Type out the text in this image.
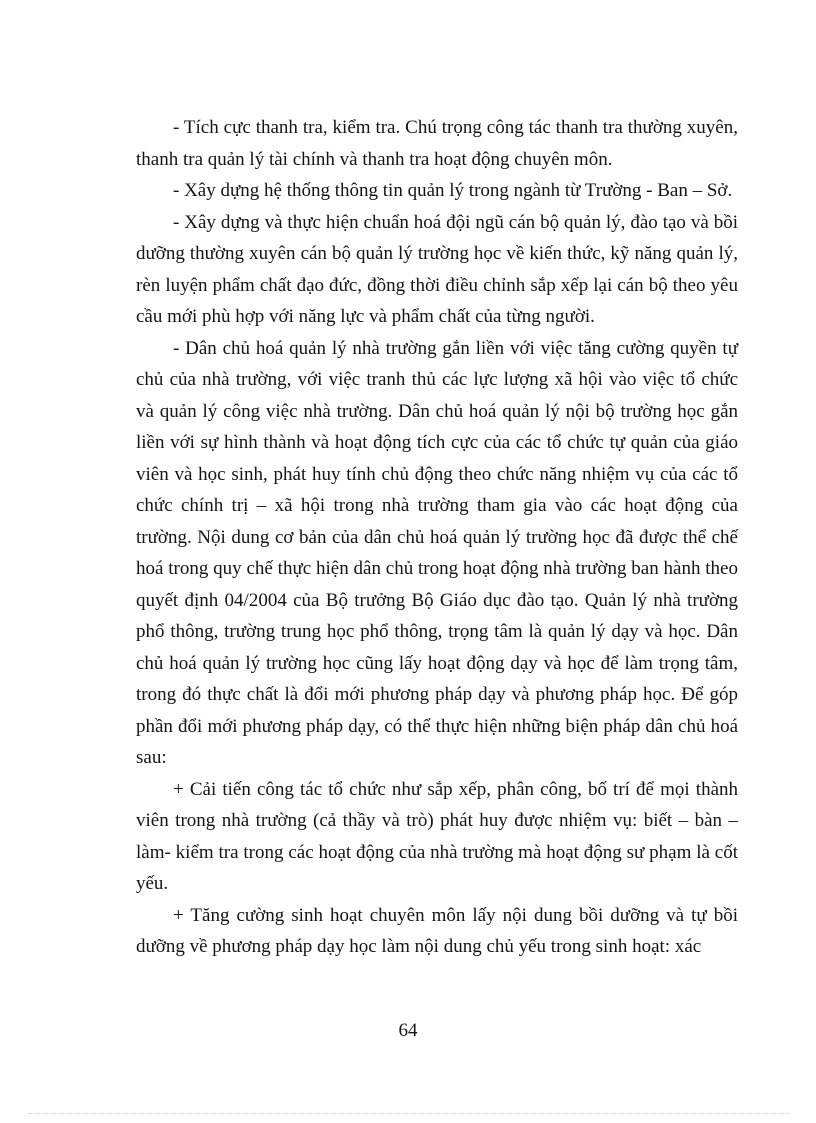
- Tích cực thanh tra, kiểm tra. Chú trọng công tác thanh tra thường xuyên, thanh tra quản lý tài chính và thanh tra hoạt động chuyên môn.

- Xây dựng hệ thống thông tin quản lý trong ngành từ Trường - Ban – Sở.

- Xây dựng và thực hiện chuẩn hoá đội ngũ cán bộ quản lý, đào tạo và bồi dưỡng thường xuyên cán bộ quản lý trường học về kiến thức, kỹ năng quản lý, rèn luyện phẩm chất đạo đức, đồng thời điều chỉnh sắp xếp lại cán bộ theo yêu cầu mới phù hợp với năng lực và phẩm chất của từng người.

- Dân chủ hoá quản lý nhà trường gắn liền với việc tăng cường quyền tự chủ của nhà trường, với việc tranh thủ các lực lượng xã hội vào việc tổ chức và quản lý công việc nhà trường. Dân chủ hoá quản lý nội bộ trường học gắn liền với sự hình thành và hoạt động tích cực của các tổ chức tự quản của giáo viên và học sinh, phát huy tính chủ động theo chức năng nhiệm vụ của các tổ chức chính trị – xã hội trong nhà trường tham gia vào các hoạt động của trường. Nội dung cơ bản của dân chủ hoá quản lý trường học đã được thể chế hoá trong quy chế thực hiện dân chủ trong hoạt động nhà trường ban hành theo quyết định 04/2004 của Bộ trưởng Bộ Giáo dục đào tạo. Quản lý nhà trường phổ thông, trường trung học phổ thông, trọng tâm là quản lý dạy và học. Dân chủ hoá quản lý trường học cũng lấy hoạt động dạy và học để làm trọng tâm, trong đó thực chất là đổi mới phương pháp dạy và phương pháp học. Để góp phần đổi mới phương pháp dạy, có thể thực hiện những biện pháp dân chủ hoá sau:

+ Cải tiến công tác tổ chức như sắp xếp, phân công, bố trí để mọi thành viên trong nhà trường (cả thầy và trò) phát huy được nhiệm vụ: biết – bàn – làm- kiểm tra trong các hoạt động của nhà trường mà hoạt động sư phạm là cốt yếu.

+ Tăng cường sinh hoạt chuyên môn lấy nội dung bồi dưỡng và tự bồi dưỡng về phương pháp dạy học làm nội dung chủ yếu trong sinh hoạt: xác

64
